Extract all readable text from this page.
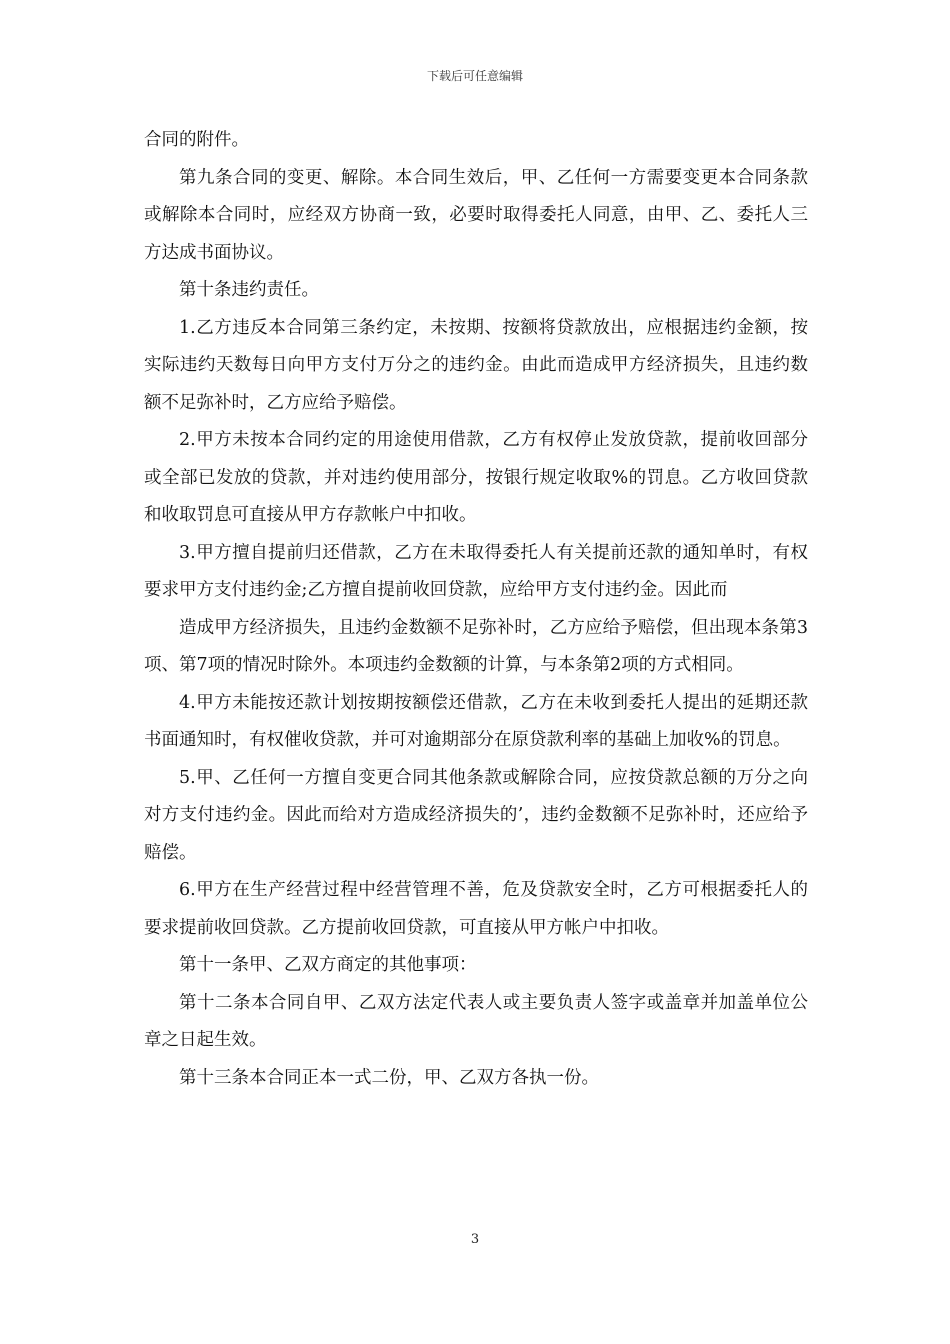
下载后可任意编辑

合同的附件。

第九条合同的变更、解除。本合同生效后，甲、乙任何一方需要变更本合同条款或解除本合同时，应经双方协商一致，必要时取得委托人同意，由甲、乙、委托人三方达成书面协议。

第十条违约责任。

1.乙方违反本合同第三条约定，未按期、按额将贷款放出，应根据违约金额，按实际违约天数每日向甲方支付万分之的违约金。由此而造成甲方经济损失，且违约数额不足弥补时，乙方应给予赔偿。

2.甲方未按本合同约定的用途使用借款，乙方有权停止发放贷款，提前收回部分或全部已发放的贷款，并对违约使用部分，按银行规定收取%的罚息。乙方收回贷款和收取罚息可直接从甲方存款帐户中扣收。

3.甲方擅自提前归还借款，乙方在未取得委托人有关提前还款的通知单时，有权要求甲方支付违约金;乙方擅自提前收回贷款，应给甲方支付违约金。因此而

造成甲方经济损失，且违约金数额不足弥补时，乙方应给予赔偿，但出现本条第3项、第7项的情况时除外。本项违约金数额的计算，与本条第2项的方式相同。

4.甲方未能按还款计划按期按额偿还借款，乙方在未收到委托人提出的延期还款书面通知时，有权催收贷款，并可对逾期部分在原贷款利率的基础上加收%的罚息。

5.甲、乙任何一方擅自变更合同其他条款或解除合同，应按贷款总额的万分之向对方支付违约金。因此而给对方造成经济损失的’，违约金数额不足弥补时，还应给予赔偿。

6.甲方在生产经营过程中经营管理不善，危及贷款安全时，乙方可根据委托人的要求提前收回贷款。乙方提前收回贷款，可直接从甲方帐户中扣收。

第十一条甲、乙双方商定的其他事项：

第十二条本合同自甲、乙双方法定代表人或主要负责人签字或盖章并加盖单位公章之日起生效。

第十三条本合同正本一式二份，甲、乙双方各执一份。

3
